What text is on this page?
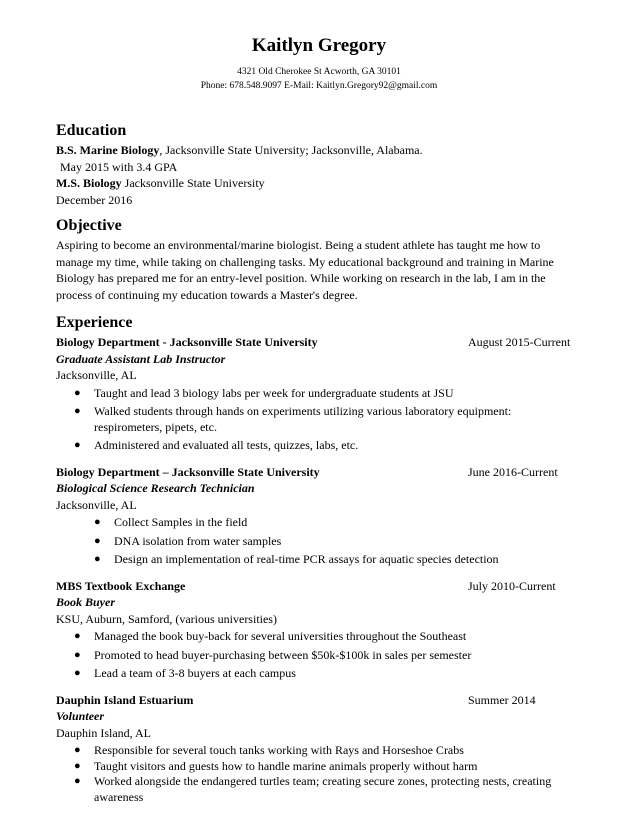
Kaitlyn Gregory
4321 Old Cherokee St Acworth, GA 30101
Phone: 678.548.9097 E-Mail: Kaitlyn.Gregory92@gmail.com
Education
B.S. Marine Biology, Jacksonville State University; Jacksonville, Alabama.
May 2015 with 3.4 GPA
M.S. Biology Jacksonville State University
December 2016
Objective
Aspiring to become an environmental/marine biologist. Being a student athlete has taught me how to manage my time, while taking on challenging tasks. My educational background and training in Marine Biology has prepared me for an entry-level position. While working on research in the lab, I am in the process of continuing my education towards a Master's degree.
Experience
Biology Department - Jacksonville State University	August 2015-Current
Graduate Assistant Lab Instructor
Jacksonville, AL
● Taught and lead 3 biology labs per week for undergraduate students at JSU
● Walked students through hands on experiments utilizing various laboratory equipment: respirometers, pipets, etc.
● Administered and evaluated all tests, quizzes, labs, etc.
Biology Department – Jacksonville State University	June 2016-Current
Biological Science Research Technician
Jacksonville, AL
● Collect Samples in the field
● DNA isolation from water samples
● Design an implementation of real-time PCR assays for aquatic species detection
MBS Textbook Exchange	July 2010-Current
Book Buyer
KSU, Auburn, Samford, (various universities)
● Managed the book buy-back for several universities throughout the Southeast
● Promoted to head buyer-purchasing between $50k-$100k in sales per semester
● Lead a team of 3-8 buyers at each campus
Dauphin Island Estuarium	Summer 2014
Volunteer
Dauphin Island, AL
● Responsible for several touch tanks working with Rays and Horseshoe Crabs
● Taught visitors and guests how to handle marine animals properly without harm
● Worked alongside the endangered turtles team; creating secure zones, protecting nests, creating awareness
